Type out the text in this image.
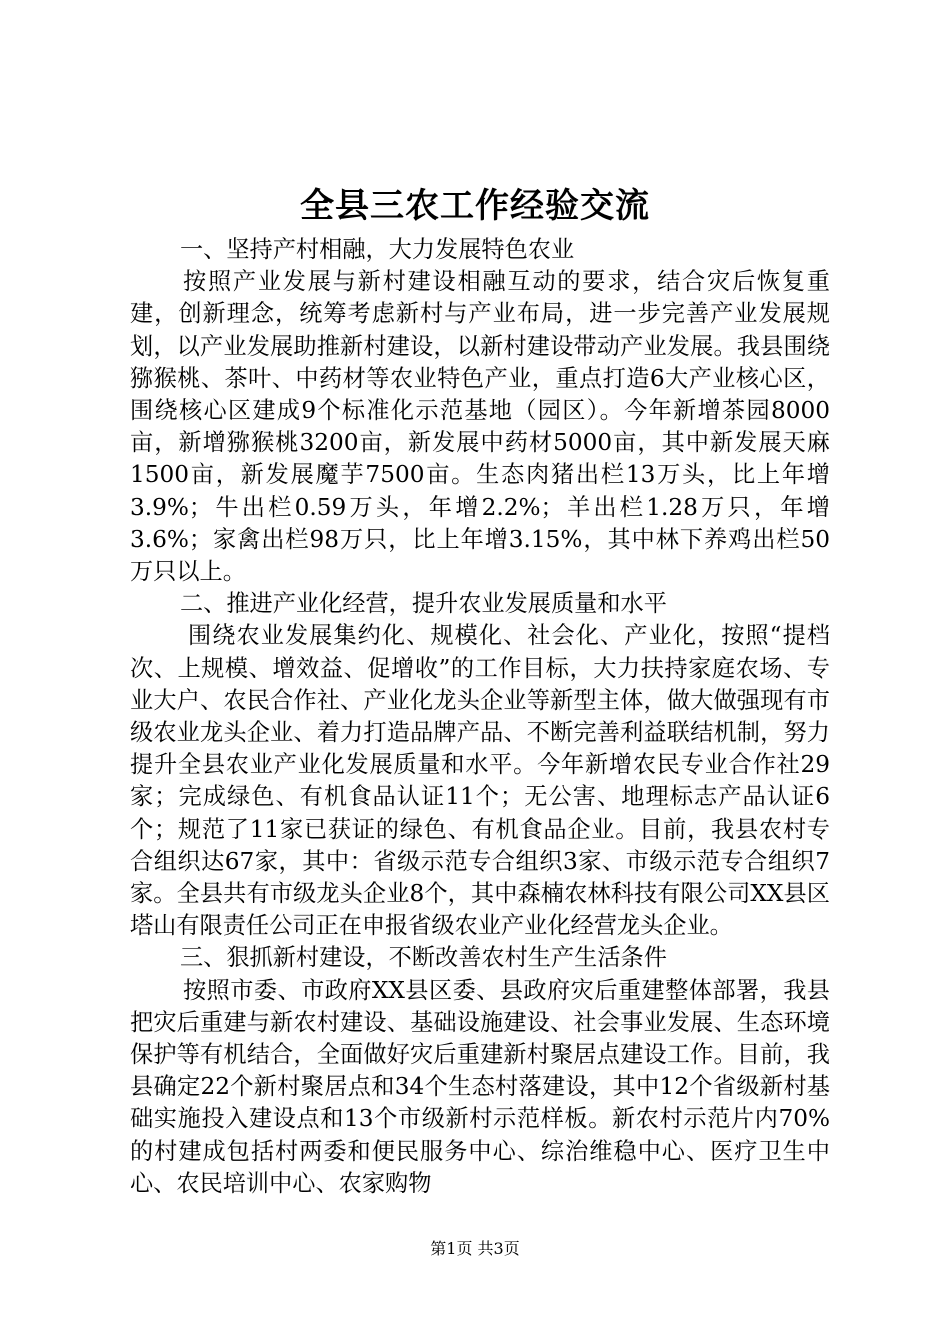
全县三农工作经验交流

一、坚持产村相融，大力发展特色农业

按照产业发展与新村建设相融互动的要求，结合灾后恢复重建，创新理念，统筹考虑新村与产业布局，进一步完善产业发展规划，以产业发展助推新村建设，以新村建设带动产业发展。我县围绕猕猴桃、茶叶、中药材等农业特色产业，重点打造6大产业核心区，围绕核心区建成9个标准化示范基地（园区）。今年新增茶园8000亩，新增猕猴桃3200亩，新发展中药材5000亩，其中新发展天麻1500亩，新发展魔芋7500亩。生态肉猪出栏13万头，比上年增3.9%；牛出栏0.59万头，年增2.2%；羊出栏1.28万只，年增3.6%；家禽出栏98万只，比上年增3.15%，其中林下养鸡出栏50万只以上。

二、推进产业化经营，提升农业发展质量和水平

围绕农业发展集约化、规模化、社会化、产业化，按照“提档次、上规模、增效益、促增收”的工作目标，大力扶持家庭农场、专业大户、农民合作社、产业化龙头企业等新型主体，做大做强现有市级农业龙头企业、着力打造品牌产品、不断完善利益联结机制，努力提升全县农业产业化发展质量和水平。今年新增农民专业合作社29家；完成绿色、有机食品认证11个；无公害、地理标志产品认证6个；规范了11家已获证的绿色、有机食品企业。目前，我县农村专合组织达67家，其中：省级示范专合组织3家、市级示范专合组织7家。全县共有市级龙头企业8个，其中森楠农林科技有限公司XX县区塔山有限责任公司正在申报省级农业产业化经营龙头企业。

三、狠抓新村建设，不断改善农村生产生活条件

按照市委、市政府XX县区委、县政府灾后重建整体部署，我县把灾后重建与新农村建设、基础设施建设、社会事业发展、生态环境保护等有机结合，全面做好灾后重建新村聚居点建设工作。目前，我县确定22个新村聚居点和34个生态村落建设，其中12个省级新村基础实施投入建设点和13个市级新村示范样板。新农村示范片内70%的村建成包括村两委和便民服务中心、综治维稳中心、医疗卫生中心、农民培训中心、农家购物

第1页 共3页
